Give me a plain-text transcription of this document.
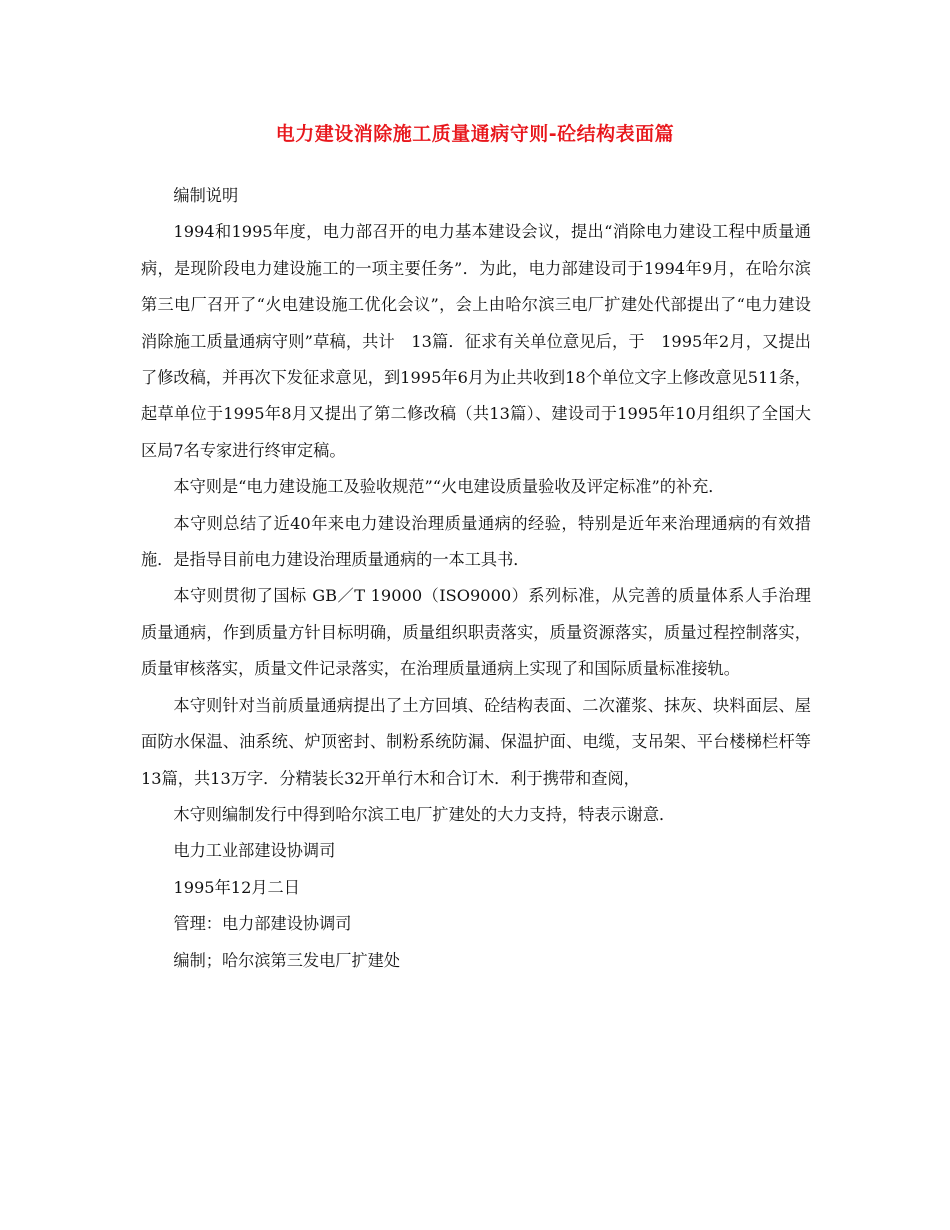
电力建设消除施工质量通病守则-砼结构表面篇

编制说明

1994和1995年度，电力部召开的电力基本建设会议，提出“消除电力建设工程中质量通病，是现阶段电力建设施工的一项主要任务”．为此，电力部建设司于1994年9月，在哈尔滨第三电厂召开了“火电建设施工优化会议”，会上由哈尔滨三电厂扩建处代部提出了“电力建设消除施工质量通病守则”草稿，共计　13篇．征求有关单位意见后，于　1995年2月，又提出了修改稿，并再次下发征求意见，到1995年6月为止共收到18个单位文字上修改意见511条，起草单位于1995年8月又提出了第二修改稿（共13篇）、建设司于1995年10月组织了全国大区局7名专家进行终审定稿。

本守则是“电力建设施工及验收规范”“火电建设质量验收及评定标准”的补充．

本守则总结了近40年来电力建设治理质量通病的经验，特别是近年来治理通病的有效措施．是指导目前电力建设治理质量通病的一本工具书．

本守则贯彻了国标 GB／T 19000（ISO9000）系列标准，从完善的质量体系人手治理质量通病，作到质量方针目标明确，质量组织职责落实，质量资源落实，质量过程控制落实，质量审核落实，质量文件记录落实，在治理质量通病上实现了和国际质量标准接轨。

本守则针对当前质量通病提出了土方回填、砼结构表面、二次灌浆、抹灰、块料面层、屋面防水保温、油系统、炉顶密封、制粉系统防漏、保温护面、电缆，支吊架、平台楼梯栏杆等13篇，共13万字．分精装长32开单行木和合订木．利于携带和查阅，

木守则编制发行中得到哈尔滨工电厂扩建处的大力支持，特表示谢意．

电力工业部建设协调司

1995年12月二日

管理：电力部建设协调司

编制；哈尔滨第三发电厂扩建处
